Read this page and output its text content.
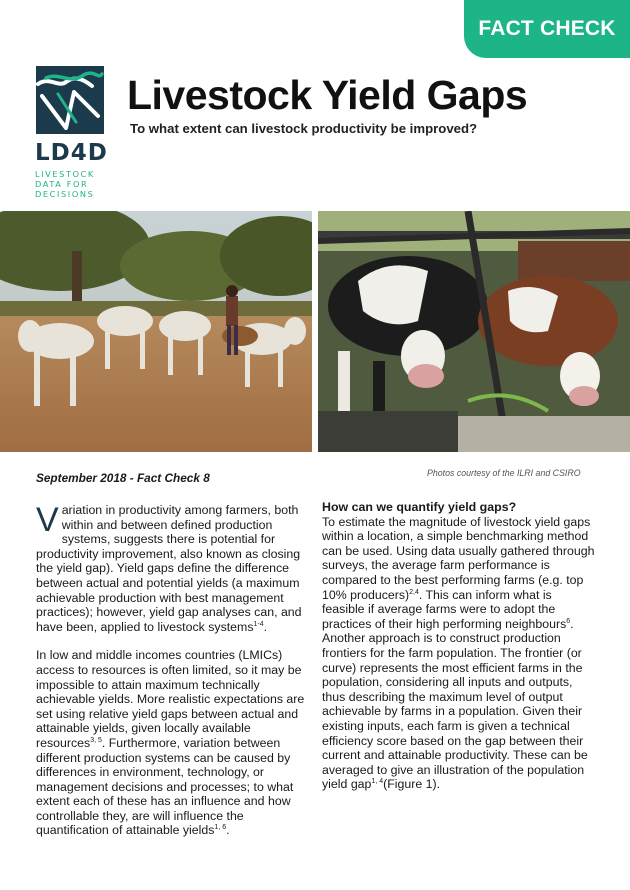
FACT CHECK
LD4D
LIVESTOCK
DATA FOR
DECISIONS
Livestock Yield Gaps
To what extent can livestock productivity be improved?
September 2018 - Fact Check 8	Photos courtesy of the ILRI and CSIRO

Variation in productivity among farmers, both within and between defined production systems, suggests there is potential for productivity improvement, also known as closing the yield gap). Yield gaps define the difference between actual and potential yields (a maximum achievable production with best management practices); however, yield gap analyses can, and have been, applied to livestock systems$^{1-4}$.

In low and middle incomes countries (LMICs) access to resources is often limited, so it may be impossible to attain maximum technically achievable yields. More realistic expectations are set using relative yield gaps between actual and attainable yields, given locally available resources$^{3, 5}$. Furthermore, variation between different production systems can be caused by differences in environment, technology, or management decisions and processes; to what extent each of these has an influence and how controllable they, are will influence the quantification of attainable yields$^{1, 6}$.

How can we quantify yield gaps?

To estimate the magnitude of livestock yield gaps within a location, a simple benchmarking method can be used. Using data usually gathered through surveys, the average farm performance is compared to the best performing farms (e.g. top 10% producers)$^{2,4}$. This can inform what is feasible if average farms were to adopt the practices of their high performing neighbours$^6$. Another approach is to construct production frontiers for the farm population. The frontier (or curve) represents the most efficient farms in the population, considering all inputs and outputs, thus describing the maximum level of output achievable by farms in a population. Given their existing inputs, each farm is given a technical efficiency score based on the gap between their current and attainable productivity. These can be averaged to give an illustration of the population yield gap$^{1, 4}$(Figure 1).
